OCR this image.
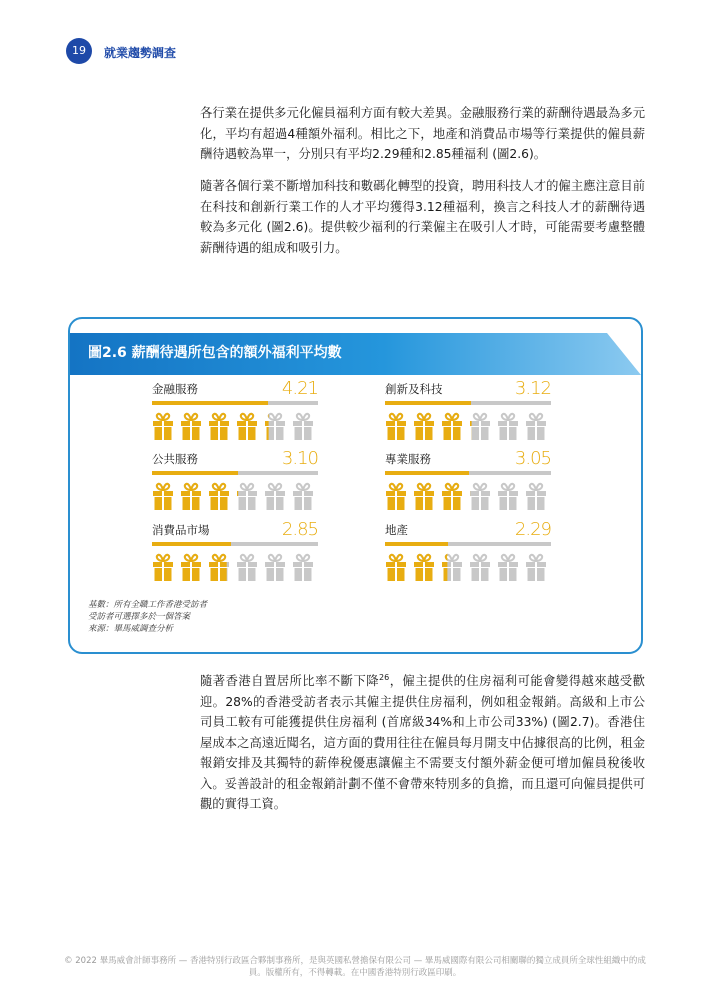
19	就業趨勢調查

各行業在提供多元化僱員福利方面有較大差異。金融服務行業的薪酬待遇最為多元化，平均有超過4種額外福利。相比之下，地產和消費品市場等行業提供的僱員薪酬待遇較為單一，分別只有平均2.29種和2.85種福利 (圖2.6)。

隨著各個行業不斷增加科技和數碼化轉型的投資，聘用科技人才的僱主應注意目前在科技和創新行業工作的人才平均獲得3.12種福利，換言之科技人才的薪酬待遇較為多元化 (圖2.6)。提供較少福利的行業僱主在吸引人才時，可能需要考慮整體薪酬待遇的組成和吸引力。

圖2.6 薪酬待遇所包含的額外福利平均數
金融服務	4.21	創新及科技	3.12
公共服務	3.10	專業服務	3.05
消費品市場	2.85	地產	2.29
基數：所有全職工作香港受訪者
受訪者可選擇多於一個答案
來源：畢馬威調查分析

隨著香港自置居所比率不斷下降$^{26}$，僱主提供的住房福利可能會變得越來越受歡迎。28%的香港受訪者表示其僱主提供住房福利，例如租金報銷。高級和上市公司員工較有可能獲提供住房福利 (首席級34%和上市公司33%) (圖2.7)。香港住屋成本之高遠近聞名，這方面的費用往往在僱員每月開支中佔據很高的比例，租金報銷安排及其獨特的薪俸稅優惠讓僱主不需要支付額外薪金便可增加僱員稅後收入。妥善設計的租金報銷計劃不僅不會帶來特別多的負擔，而且還可向僱員提供可觀的實得工資。

© 2022 畢馬威會計師事務所 — 香港特別行政區合夥制事務所，是與英國私營擔保有限公司 — 畢馬威國際有限公司相關聯的獨立成員所全球性組織中的成員。版權所有，不得轉載。在中國香港特別行政區印刷。
